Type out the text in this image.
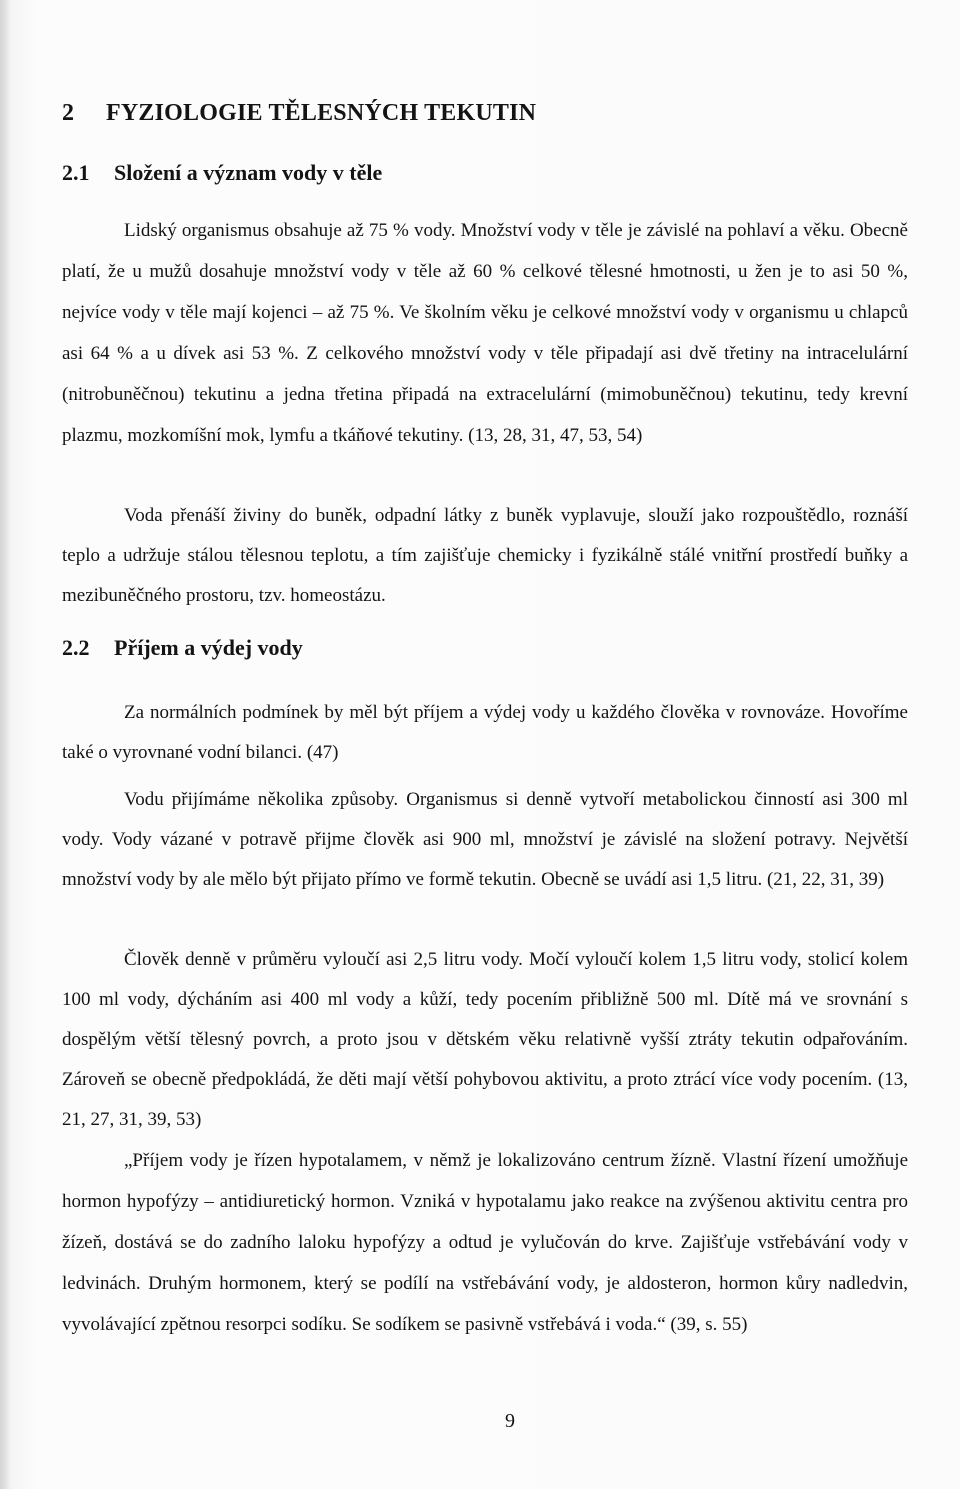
2 FYZIOLOGIE TĚLESNÝCH TEKUTIN
2.1 Složení a význam vody v těle

Lidský organismus obsahuje až 75 % vody. Množství vody v těle je závislé na pohlaví a věku. Obecně platí, že u mužů dosahuje množství vody v těle až 60 % celkové tělesné hmotnosti, u žen je to asi 50 %, nejvíce vody v těle mají kojenci – až 75 %. Ve školním věku je celkové množství vody v organismu u chlapců asi 64 % a u dívek asi 53 %. Z celkového množství vody v těle připadají asi dvě třetiny na intracelulární (nitrobuněčnou) tekutinu a jedna třetina připadá na extracelulární (mimobuněčnou) tekutinu, tedy krevní plazmu, mozkomíšní mok, lymfu a tkáňové tekutiny. (13, 28, 31, 47, 53, 54)

Voda přenáší živiny do buněk, odpadní látky z buněk vyplavuje, slouží jako rozpouštědlo, roznáší teplo a udržuje stálou tělesnou teplotu, a tím zajišťuje chemicky i fyzikálně stálé vnitřní prostředí buňky a mezibuněčného prostoru, tzv. homeostázu.

2.2 Příjem a výdej vody

Za normálních podmínek by měl být příjem a výdej vody u každého člověka v rovnováze. Hovoříme také o vyrovnané vodní bilanci. (47)

Vodu přijímáme několika způsoby. Organismus si denně vytvoří metabolickou činností asi 300 ml vody. Vody vázané v potravě přijme člověk asi 900 ml, množství je závislé na složení potravy. Největší množství vody by ale mělo být přijato přímo ve formě tekutin. Obecně se uvádí asi 1,5 litru. (21, 22, 31, 39)

Člověk denně v průměru vyloučí asi 2,5 litru vody. Močí vyloučí kolem 1,5 litru vody, stolicí kolem 100 ml vody, dýcháním asi 400 ml vody a kůží, tedy pocením přibližně 500 ml. Dítě má ve srovnání s dospělým větší tělesný povrch, a proto jsou v dětském věku relativně vyšší ztráty tekutin odpařováním. Zároveň se obecně předpokládá, že děti mají větší pohybovou aktivitu, a proto ztrácí více vody pocením. (13, 21, 27, 31, 39, 53)

„Příjem vody je řízen hypotalamem, v němž je lokalizováno centrum žízně. Vlastní řízení umožňuje hormon hypofýzy – antidiuretický hormon. Vzniká v hypotalamu jako reakce na zvýšenou aktivitu centra pro žízeň, dostává se do zadního laloku hypofýzy a odtud je vylučován do krve. Zajišťuje vstřebávání vody v ledvinách. Druhým hormonem, který se podílí na vstřebávání vody, je aldosteron, hormon kůry nadledvin, vyvolávající zpětnou resorpci sodíku. Se sodíkem se pasivně vstřebává i voda.“ (39, s. 55)

9
